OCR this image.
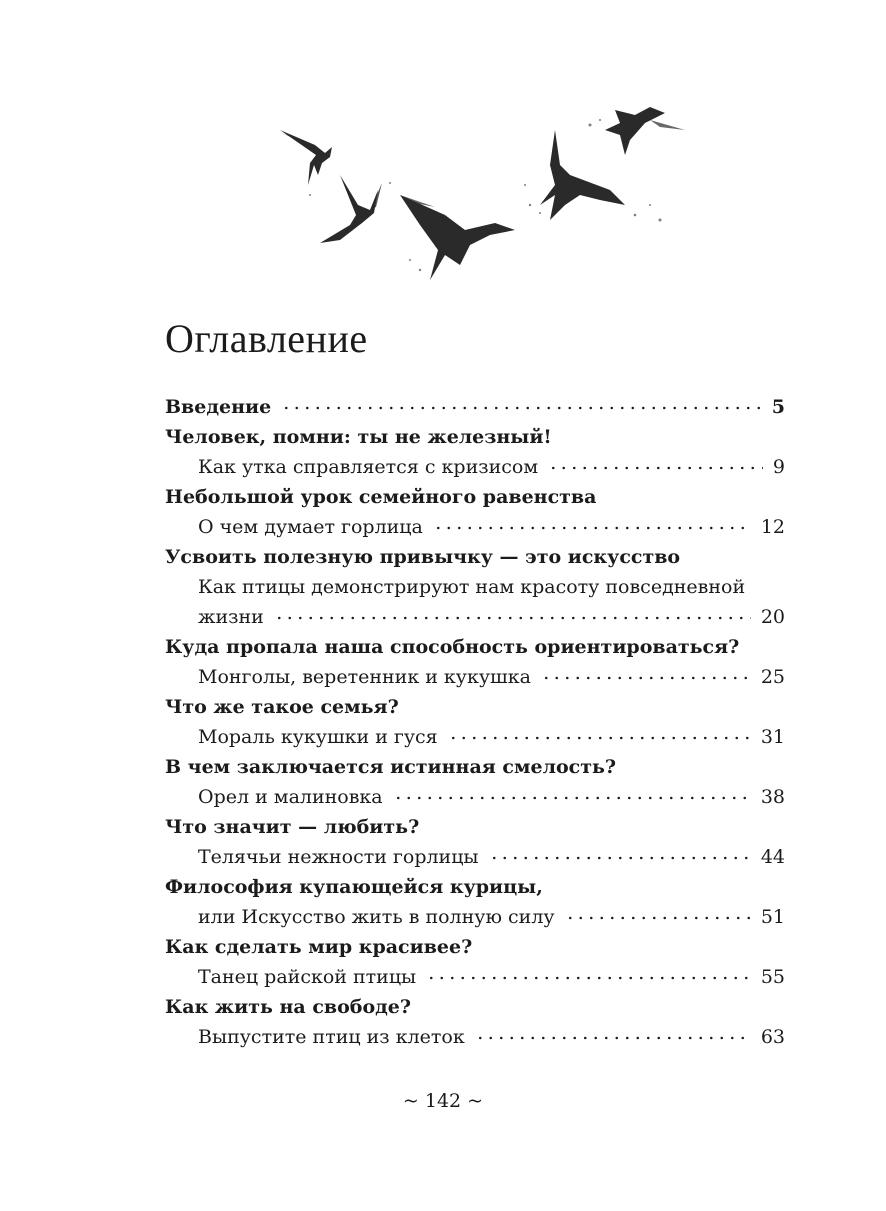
Оглавление
Введение	5
Человек, помни: ты не железный!
Как утка справляется с кризисом	9
Небольшой урок семейного равенства
О чем думает горлица	12
Усвоить полезную привычку — это искусство
Как птицы демонстрируют нам красоту повседневной
жизни	20
Куда пропала наша способность ориентироваться?
Монголы, веретенник и кукушка	25
Что же такое семья?
Мораль кукушки и гуся	31
В чем заключается истинная смелость?
Орел и малиновка	38
Что значит — любить?
Телячьи нежности горлицы	44
Философия купающейся курицы,
или Искусство жить в полную силу	51
Как сделать мир красивее?
Танец райской птицы	55
Как жить на свободе?
Выпустите птиц из клеток	63
~ 142 ~
